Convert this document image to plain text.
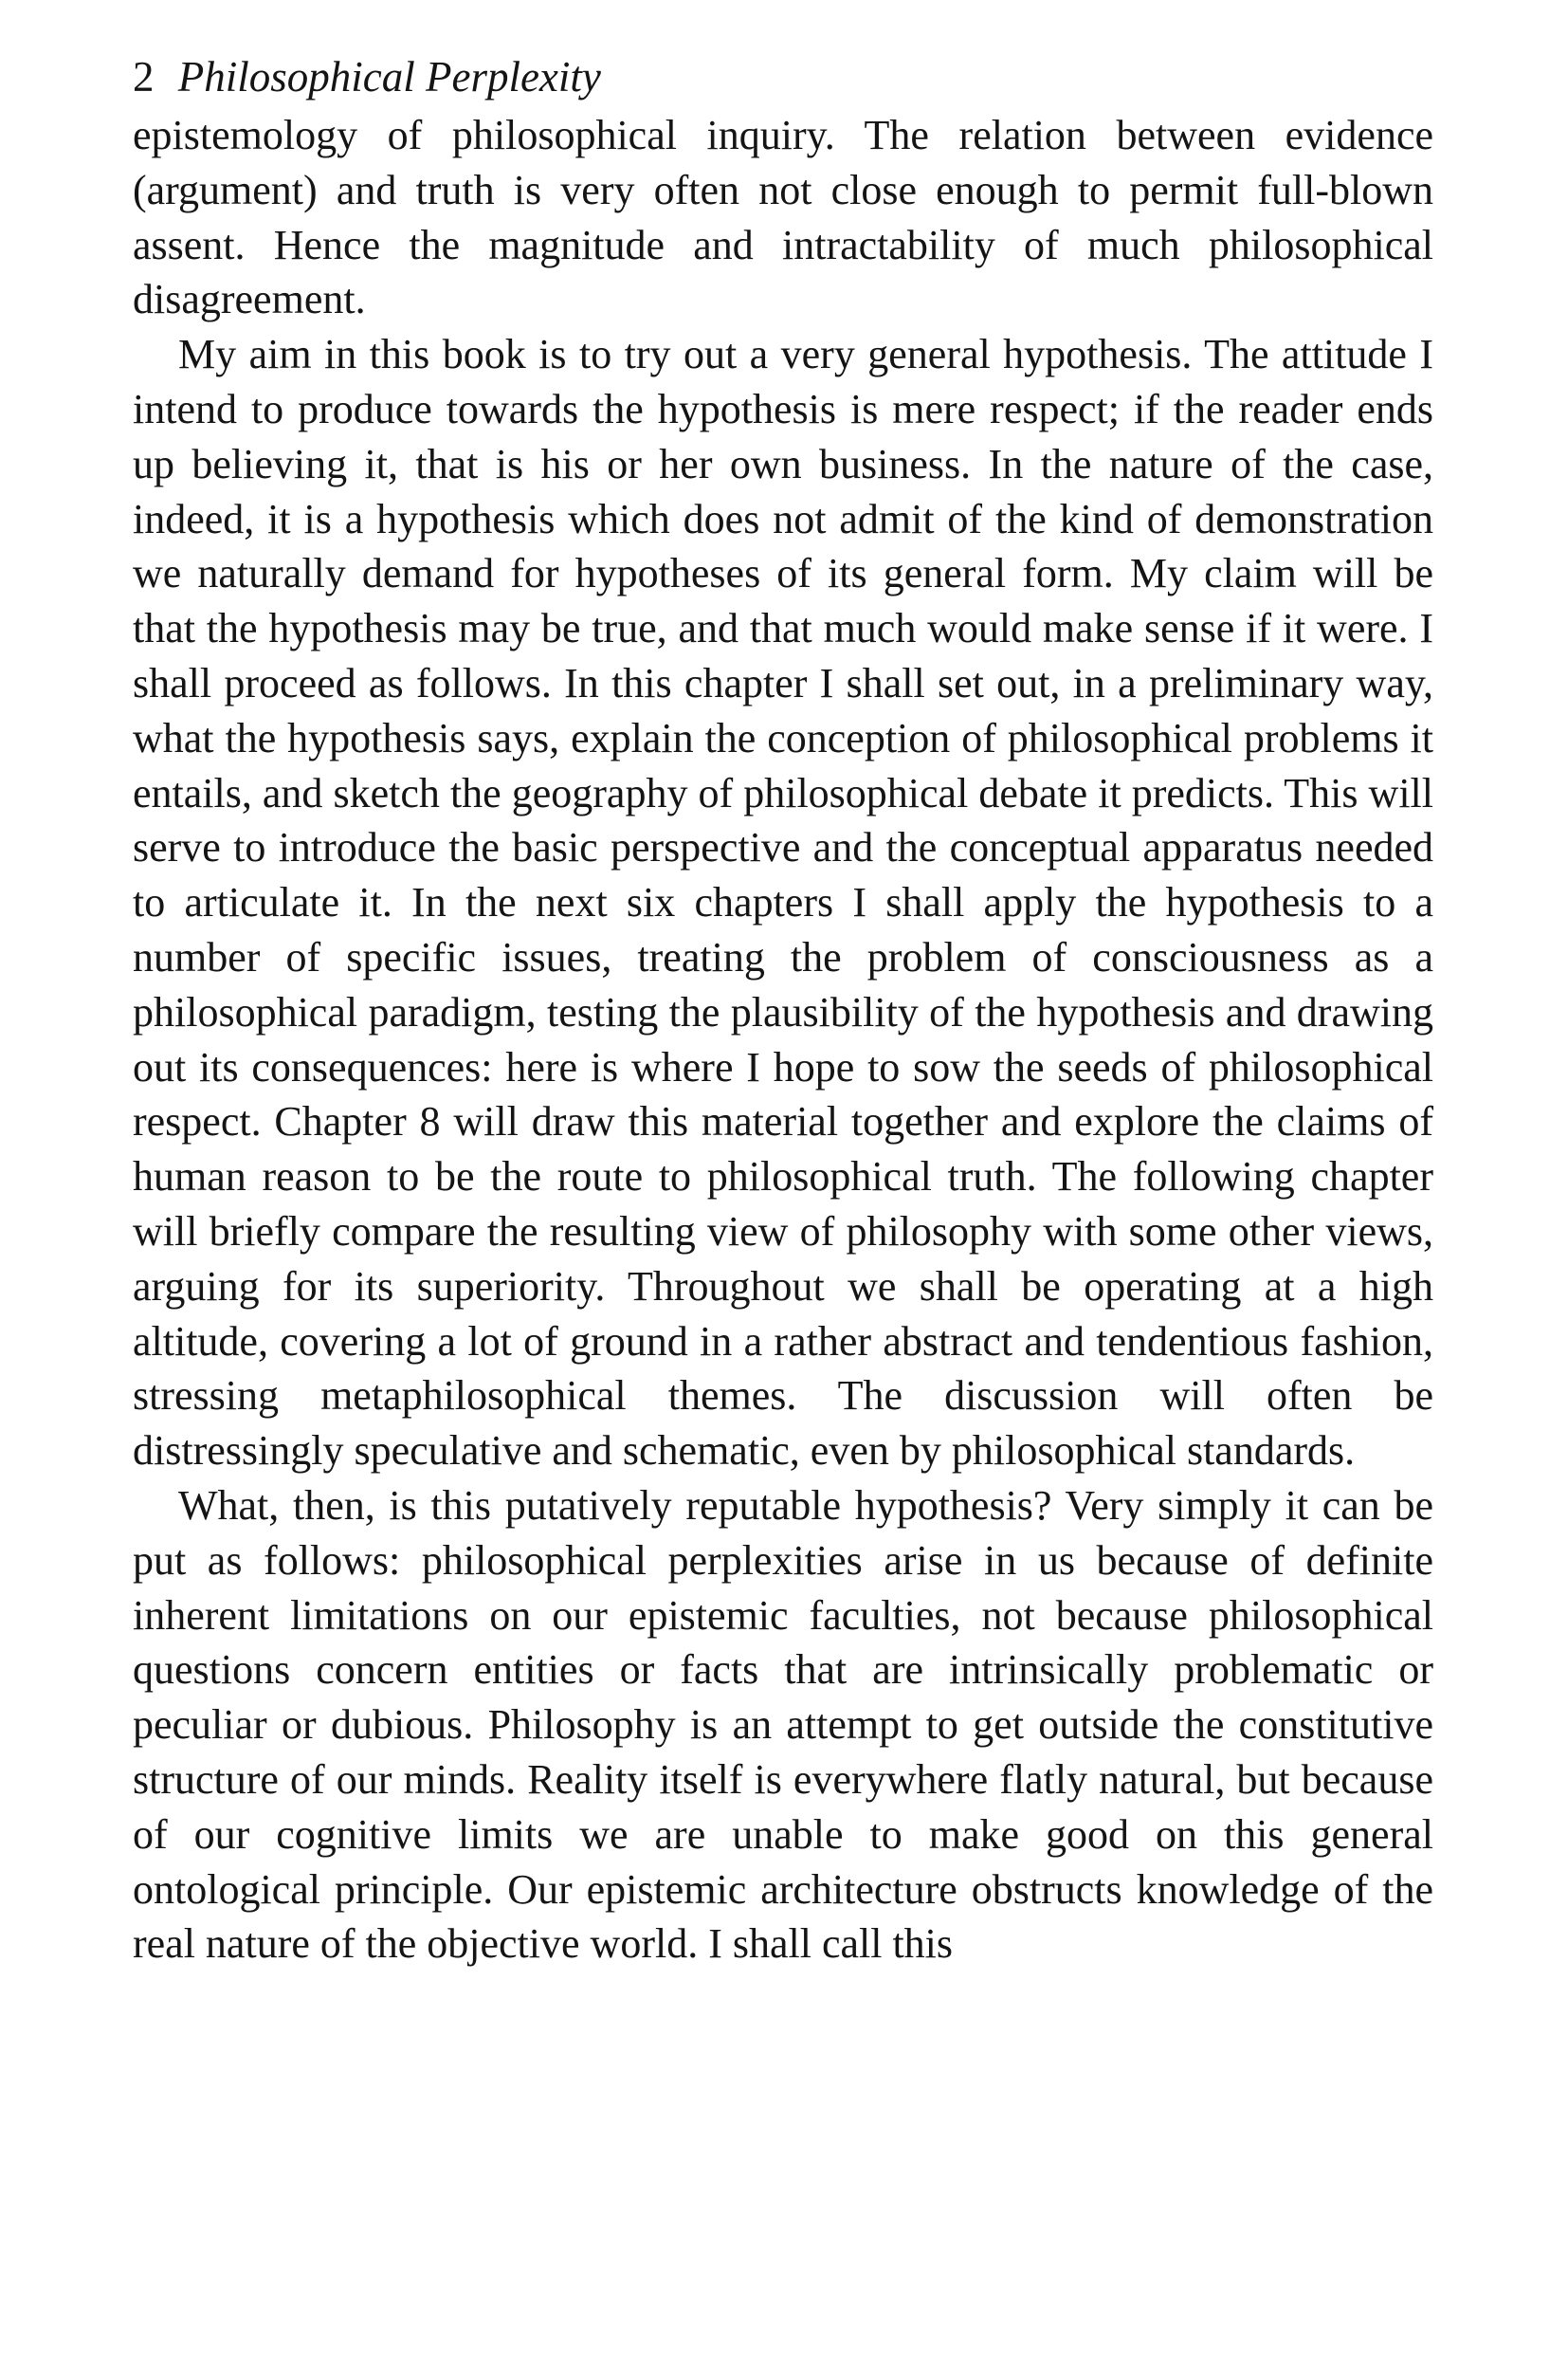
2 Philosophical Perplexity

epistemology of philosophical inquiry. The relation between evidence (argument) and truth is very often not close enough to permit full-blown assent. Hence the magnitude and intractability of much philosophical disagreement.

My aim in this book is to try out a very general hypothesis. The attitude I intend to produce towards the hypothesis is mere respect; if the reader ends up believing it, that is his or her own business. In the nature of the case, indeed, it is a hypothesis which does not admit of the kind of demonstration we naturally demand for hypotheses of its general form. My claim will be that the hypothesis may be true, and that much would make sense if it were. I shall proceed as follows. In this chapter I shall set out, in a preliminary way, what the hypothesis says, explain the conception of philosophical problems it entails, and sketch the geography of philosophical debate it predicts. This will serve to introduce the basic perspective and the conceptual apparatus needed to articulate it. In the next six chapters I shall apply the hypothesis to a number of specific issues, treating the problem of consciousness as a philosophical paradigm, testing the plausibility of the hypothesis and drawing out its consequences: here is where I hope to sow the seeds of philosophical respect. Chapter 8 will draw this material together and explore the claims of human reason to be the route to philosophical truth. The following chapter will briefly compare the resulting view of philosophy with some other views, arguing for its superiority. Throughout we shall be operating at a high altitude, covering a lot of ground in a rather abstract and tendentious fashion, stressing metaphilosophical themes. The discussion will often be distressingly speculative and schematic, even by philosophical standards.

What, then, is this putatively reputable hypothesis? Very simply it can be put as follows: philosophical perplexities arise in us because of definite inherent limitations on our epistemic faculties, not because philosophical questions concern entities or facts that are intrinsically problematic or peculiar or dubious. Philosophy is an attempt to get outside the constitutive structure of our minds. Reality itself is everywhere flatly natural, but because of our cognitive limits we are unable to make good on this general ontological principle. Our epistemic architecture obstructs knowledge of the real nature of the objective world. I shall call this
